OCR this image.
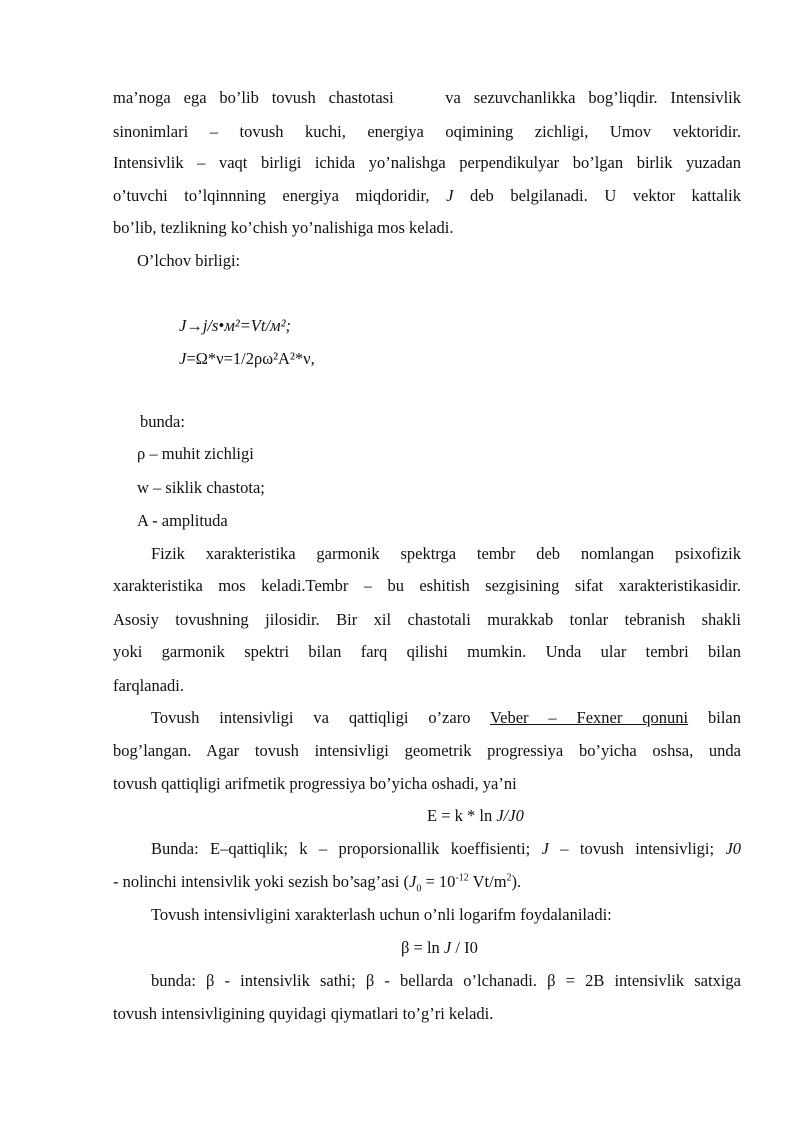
ma’noga ega bo’lib tovush chastotasi    va sezuvchanlikka bog’liqdir. Intensivlik
sinonimlari – tovush kuchi, energiya oqimining zichligi, Umov vektoridir.
Intensivlik – vaqt birligi ichida yo’nalishga perpendikulyar bo’lgan birlik yuzadan
o’tuvchi to’lqinnning energiya miqdoridir, J deb belgilanadi. U vektor kattalik
bo’lib, tezlikning ko’chish yo’nalishiga mos keladi.
O’lchov birligi:
J→j/s•м²=Vt/м²;
J=Ω*ν=1/2ρω²A²*ν,
bunda:
ρ – muhit zichligi
w – siklik chastota;
A - amplituda
Fizik xarakteristika garmonik spektrga tembr deb nomlangan psixofizik
xarakteristika mos keladi.Tembr – bu eshitish sezgisining sifat xarakteristikasidir.
Asosiy tovushning jilosidir. Bir xil chastotali murakkab tonlar tebranish shakli
yoki garmonik spektri bilan farq qilishi mumkin. Unda ular tembri bilan
farqlanadi.
Tovush intensivligi va qattiqligi o’zaro Veber – Fexner qonuni bilan
bog’langan. Agar tovush intensivligi geometrik progressiya bo’yicha oshsa, unda
tovush qattiqligi arifmetik progressiya bo’yicha oshadi, ya’ni
E = k * ln J/J0
Bunda: E–qattiqlik; k – proporsionallik koeffisienti; J – tovush intensivligi; J0
- nolinchi intensivlik yoki sezish bo’sag’asi ($J_0 = 10^{-12}$ $Vt/m^2$).
Tovush intensivligini xarakterlash uchun o’nli logarifm foydalaniladi:
β = ln J / I0
bunda: β - intensivlik sathi; β - bellarda o’lchanadi. β = 2B intensivlik satxiga
tovush intensivligining quyidagi qiymatlari to’g’ri keladi.
